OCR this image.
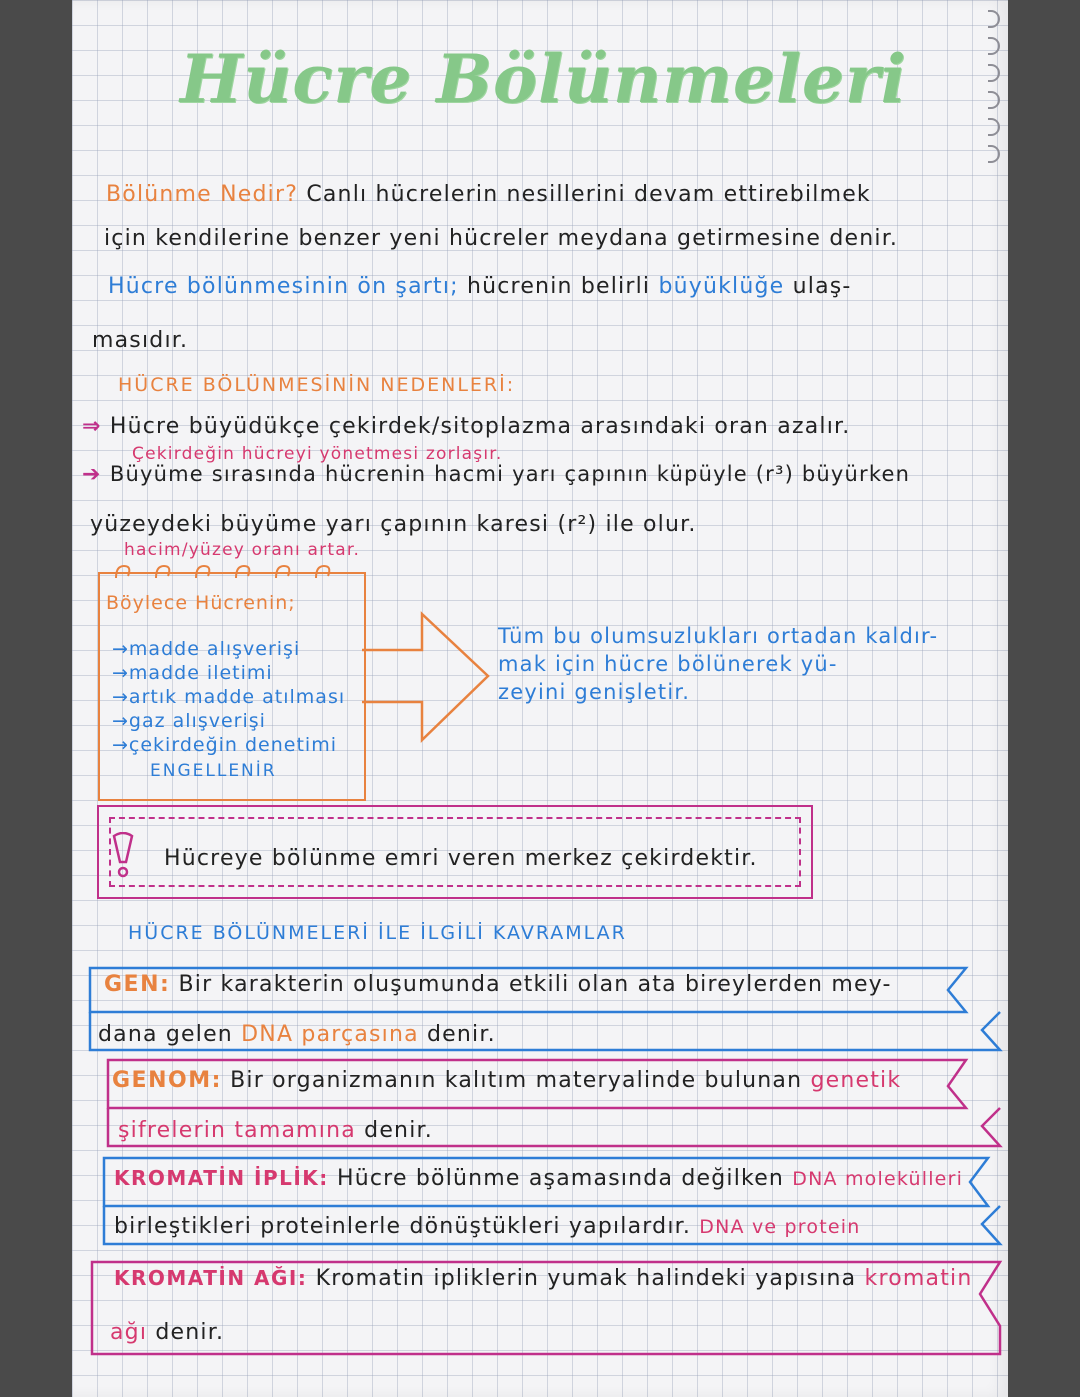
Hücre Bölünmeleri
Bölünme Nedir? Canlı hücrelerin nesillerini devam ettirebilmek
için kendilerine benzer yeni hücreler meydana getirmesine denir.
Hücre bölünmesinin ön şartı; hücrenin belirli büyüklüğe ulaş-
masıdır.
HÜCRE BÖLÜNMESİNİN NEDENLERİ:
⇒ Hücre büyüdükçe çekirdek/sitoplazma arasındaki oran azalır.
Çekirdeğin hücreyi yönetmesi zorlaşır.
➔ Büyüme sırasında hücrenin hacmi yarı çapının küpüyle (r³) büyürken
yüzeydeki büyüme yarı çapının karesi (r²) ile olur.
hacim/yüzey oranı artar.
Böylece Hücrenin;
→madde alışverişi
→madde iletimi
→artık madde atılması
→gaz alışverişi
→çekirdeğin denetimi
ENGELLENİR
Tüm bu olumsuzlukları ortadan kaldır-
mak için hücre bölünerek yü-
zeyini genişletir.
Hücreye bölünme emri veren merkez çekirdektir.
HÜCRE BÖLÜNMELERİ İLE İLGİLİ KAVRAMLAR
GEN: Bir karakterin oluşumunda etkili olan ata bireylerden mey-
dana gelen DNA parçasına denir.
GENOM: Bir organizmanın kalıtım materyalinde bulunan genetik
şifrelerin tamamına denir.
KROMATİN İPLİK: Hücre bölünme aşamasında değilken DNA molekülleri
birleştikleri proteinlerle dönüştükleri yapılardır. DNA ve protein
KROMATİN AĞI: Kromatin ipliklerin yumak halindeki yapısına kromatin
ağı denir.
